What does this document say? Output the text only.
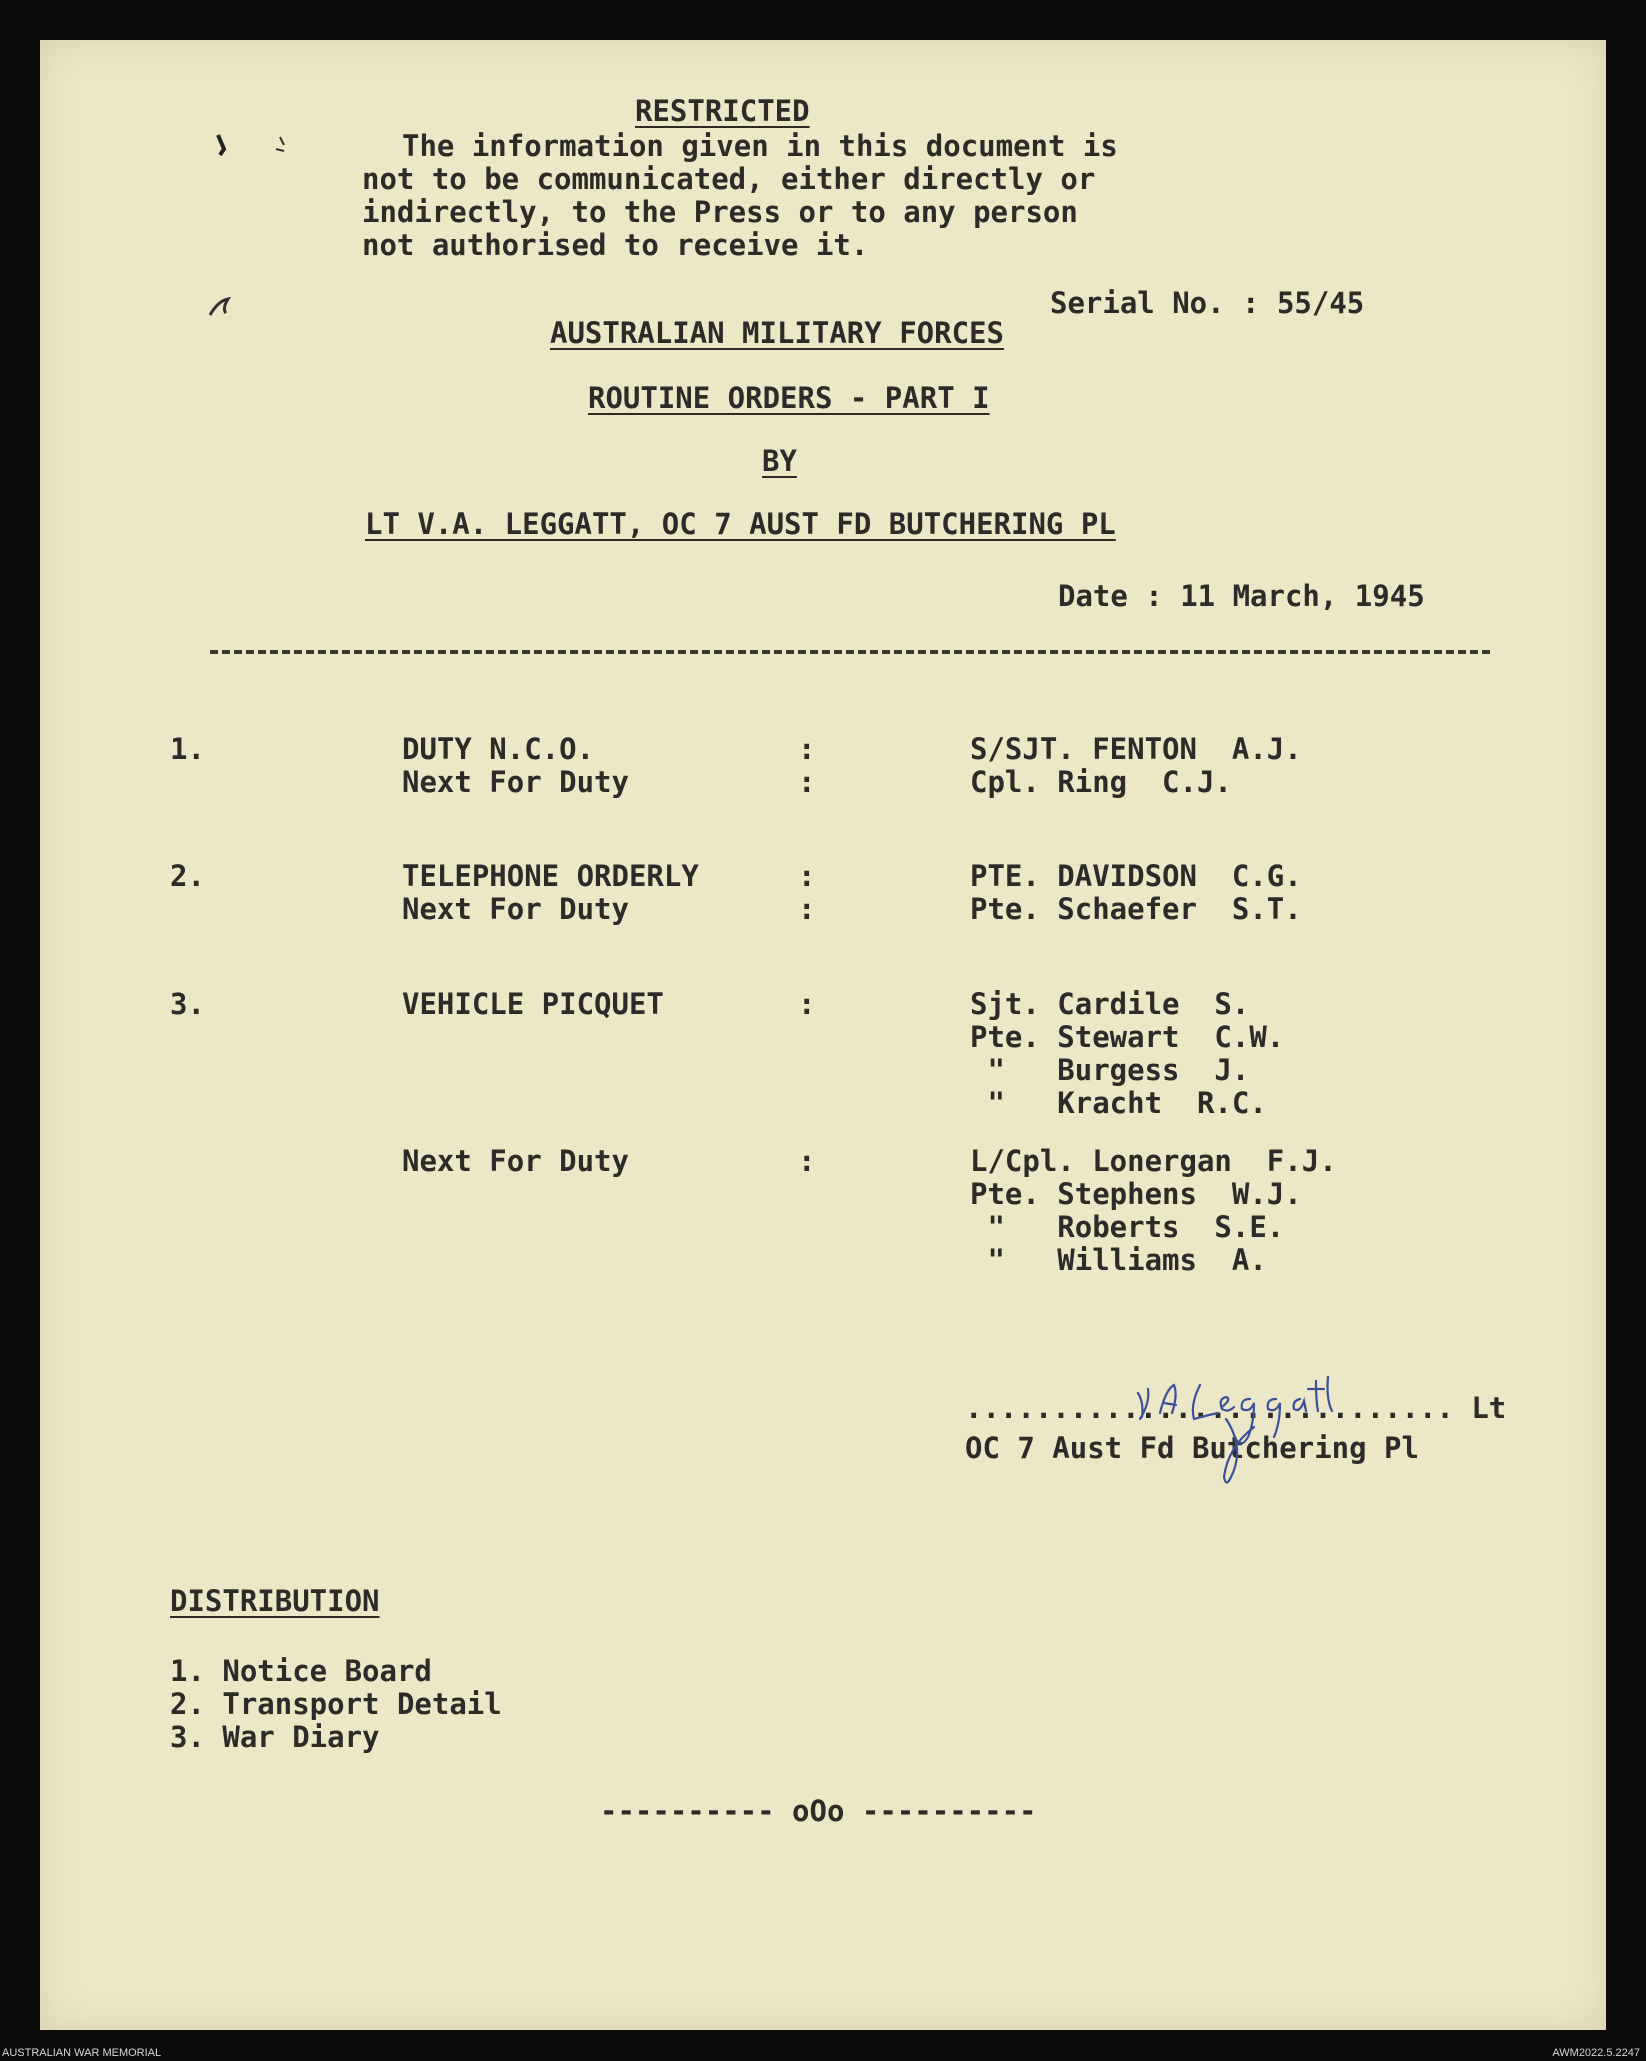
RESTRICTED
The information given in this document is
not to be communicated, either directly or
indirectly, to the Press or to any person
not authorised to receive it.
Serial No. : 55/45
AUSTRALIAN MILITARY FORCES
ROUTINE ORDERS - PART I
BY
LT V.A. LEGGATT, OC 7 AUST FD BUTCHERING PL
Date : 11 March, 1945
1.	DUTY N.C.O.	:	S/SJT. FENTON  A.J.
Next For Duty	:	Cpl. Ring  C.J.
2.	TELEPHONE ORDERLY	:	PTE. DAVIDSON  C.G.
Next For Duty	:	Pte. Schaefer  S.T.
3.	VEHICLE PICQUET	:	Sjt. Cardile  S.
Pte. Stewart  C.W.
"   Burgess  J.
"   Kracht  R.C.
Next For Duty	:	L/Cpl. Lonergan  F.J.
Pte. Stephens  W.J.
"   Roberts  S.E.
"   Williams  A.
............................ Lt
OC 7 Aust Fd Butchering Pl
DISTRIBUTION
1. Notice Board
2. Transport Detail
3. War Diary
---------- oOo ----------
AUSTRALIAN WAR MEMORIAL	AWM2022.5.2247
